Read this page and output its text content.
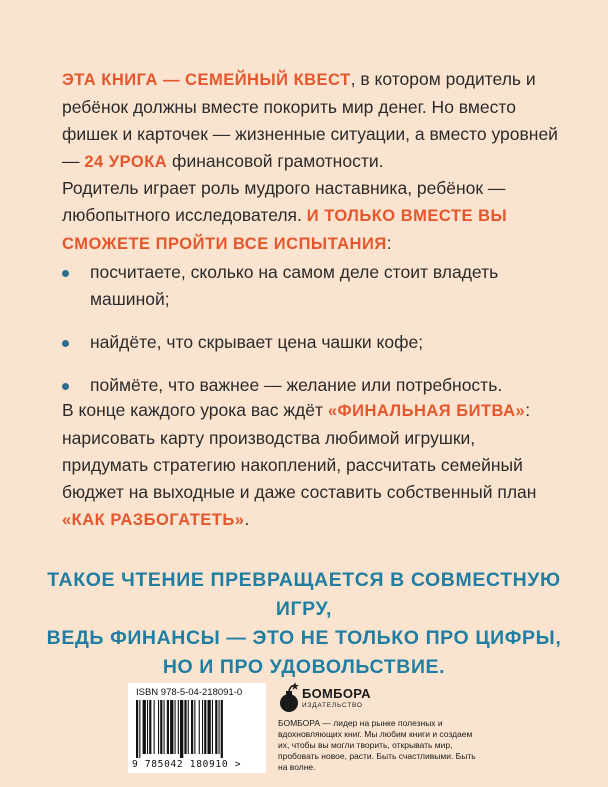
ЭТА КНИГА — СЕМЕЙНЫЙ КВЕСТ, в котором родитель и ребёнок должны вместе покорить мир денег. Но вместо фишек и карточек — жизненные ситуации, а вместо уровней — 24 УРОКА финансовой грамотности.

Родитель играет роль мудрого наставника, ребёнок — любопытного исследователя. И ТОЛЬКО ВМЕСТЕ ВЫ СМОЖЕТЕ ПРОЙТИ ВСЕ ИСПЫТАНИЯ:

посчитаете, сколько на самом деле стоит владеть машиной;
найдёте, что скрывает цена чашки кофе;
поймёте, что важнее — желание или потребность.

В конце каждого урока вас ждёт «ФИНАЛЬНАЯ БИТВА»: нарисовать карту производства любимой игрушки, придумать стратегию накоплений, рассчитать семейный бюджет на выходные и даже составить собственный план «КАК РАЗБОГАТЕТЬ».

ТАКОЕ ЧТЕНИЕ ПРЕВРАЩАЕТСЯ В СОВМЕСТНУЮ ИГРУ,
ВЕДЬ ФИНАНСЫ — ЭТО НЕ ТОЛЬКО ПРО ЦИФРЫ,
НО И ПРО УДОВОЛЬСТВИЕ.
ISBN 978-5-04-218091-0
9 785042 180910 >
БОМБОРА
ИЗДАТЕЛЬСТВО

БОМБОРА — лидер на рынке полезных и вдохновляющих книг. Мы любим книги и создаем их, чтобы вы могли творить, открывать мир, пробовать новое, расти. Быть счастливыми. Быть на волне.
